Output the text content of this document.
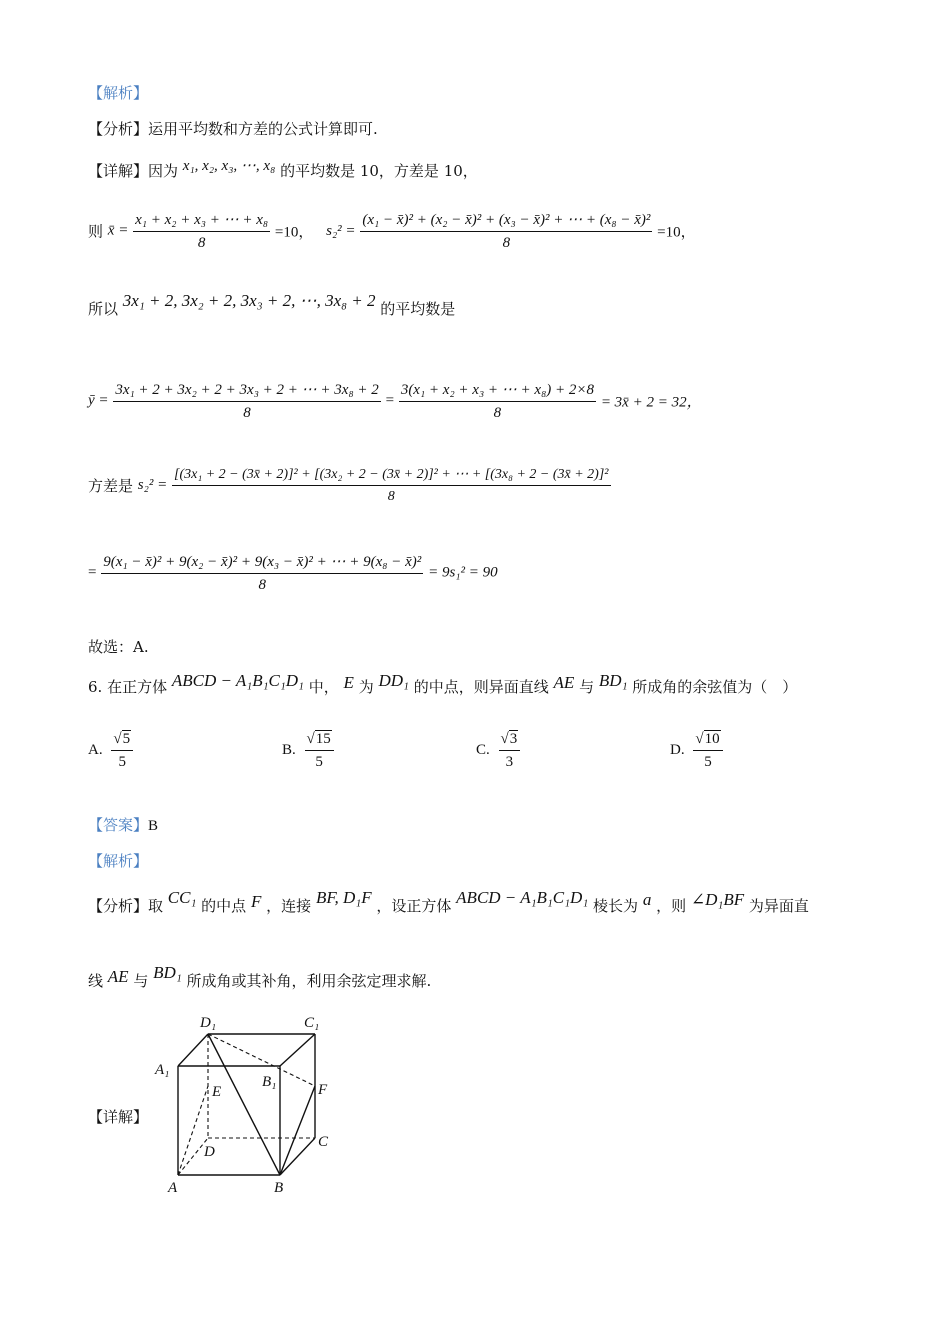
【解析】
【分析】运用平均数和方差的公式计算即可.
【详解】因为 x₁, x₂, x₃, ⋯, x₈ 的平均数是 10，方差是 10，
则 x̄ = $\frac{\text{x₁ + x₂ + x₃ + ⋯ + x₈}}{8} =10$， $s_2^2 = \frac{\text{(x₁ − x̄)² + (x₂ − x̄)² + (x₃ − x̄)² + ⋯ + (x₈ − x̄)²}}{8} =10$，
所以 3x₁ + 2, 3x₂ + 2, 3x₃ + 2, ⋯, 3x₈ + 2 的平均数是
ȳ = $\frac{\text{3x₁ + 2 + 3x₂ + 2 + 3x₃ + 2 + ⋯ + 3x₈ + 2}}{8} = \frac{\text{3(x₁ + x₂ + x₃ + ⋯ + x₈) + 2×8}}{8}$ = 3x̄ + 2 = 32，
方差是 s₂² =
[(3x₁ + 2 − (3x̄ + 2)]² + [(3x₂ + 2 − (3x̄ + 2)]² + ⋯ + [(3x₈ + 2 − (3x̄ + 2)]²
8
= $\frac{\text{9(x₁ − x̄)² + 9(x₂ − x̄)² + 9(x₃ − x̄)² + ⋯ + 9(x₈ − x̄)²}}{8} = 9s_1^2 = 90$
故选：A.
6. 在正方体 ABCD − A₁B₁C₁D₁ 中， E 为 DD₁ 的中点，则异面直线 AE 与 BD₁ 所成角的余弦值为（　）
A. $\frac{√5}{5}$	B. $\frac{√15}{5}$	C. $\frac{√3}{3}$	D. $\frac{√10}{5}$
【答案】B
【解析】
【分析】取 CC₁ 的中点 F ，连接 BF, D₁F ，设正方体 ABCD − A₁B₁C₁D₁ 棱长为 a ，则 ∠D₁BF 为异面直
线 AE 与 BD₁ 所成角或其补角，利用余弦定理求解.
【详解】
D₁	C₁
A₁
B₁
E	F
D
C
A	B
